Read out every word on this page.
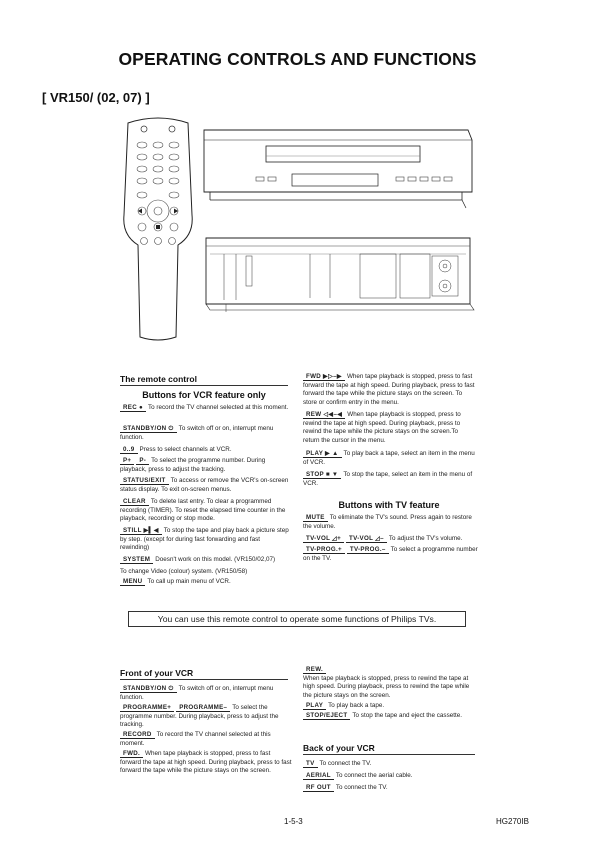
OPERATING CONTROLS AND FUNCTIONS
[ VR150/ (02, 07) ]
The remote control
Buttons for VCR feature only
REC ● To record the TV channel selected at this moment.
STANDBY/ON ⏻ To switch off or on, interrupt menu function.
0..9 Press to select channels at VCR.
P+ P- To select the programme number. During playback, press to adjust the tracking.
STATUS/EXIT To access or remove the VCR's on-screen status display. To exit on-screen menus.
CLEAR To delete last entry. To clear a programmed recording (TIMER). To reset the elapsed time counter in the playback, recording or stop mode.
STILL ▶▍◀ To stop the tape and play back a picture step by step. (except for during fast forwarding and fast rewinding)
SYSTEM Doesn't work on this model. (VR150/02,07)
To change Video (colour) system. (VR150/58)
MENU To call up main menu of VCR.
FWD ▶▷–▶ When tape playback is stopped, press to fast forward the tape at high speed. During playback, press to fast forward the tape while the picture stays on the screen. To store or confirm entry in the menu.
REW ◁◀–◀ When tape playback is stopped, press to rewind the tape at high speed. During playback, press to rewind the tape while the picture stays on the screen.To return the cursor in the menu.
PLAY ▶ ▲ To play back a tape, select an item in the menu of VCR.
STOP ■ ▼ To stop the tape, select an item in the menu of VCR.
Buttons with TV feature
MUTE To eliminate the TV's sound. Press again to restore the volume.
TV-VOL ◿+ TV-VOL ◿– To adjust the TV's volume.
TV-PROG.+ TV-PROG.– To select a programme number on the TV.
You can use this remote control to operate some functions of Philips TVs.
Front of your VCR
STANDBY/ON ⏻ To switch off or on, interrupt menu function.
PROGRAMME+ PROGRAMME– To select the programme number. During playback, press to adjust the tracking.
RECORD To record the TV channel selected at this moment.
FWD. When tape playback is stopped, press to fast forward the tape at high speed. During playback, press to fast forward the tape while the picture stays on the screen.
REW.
When tape playback is stopped, press to rewind the tape at high speed. During playback, press to rewind the tape while the picture stays on the screen.
PLAY To play back a tape.
STOP/EJECT To stop the tape and eject the cassette.
Back of your VCR
TV To connect the TV.
AERIAL To connect the aerial cable.
RF OUT To connect the TV.
1-5-3	HG270IB
